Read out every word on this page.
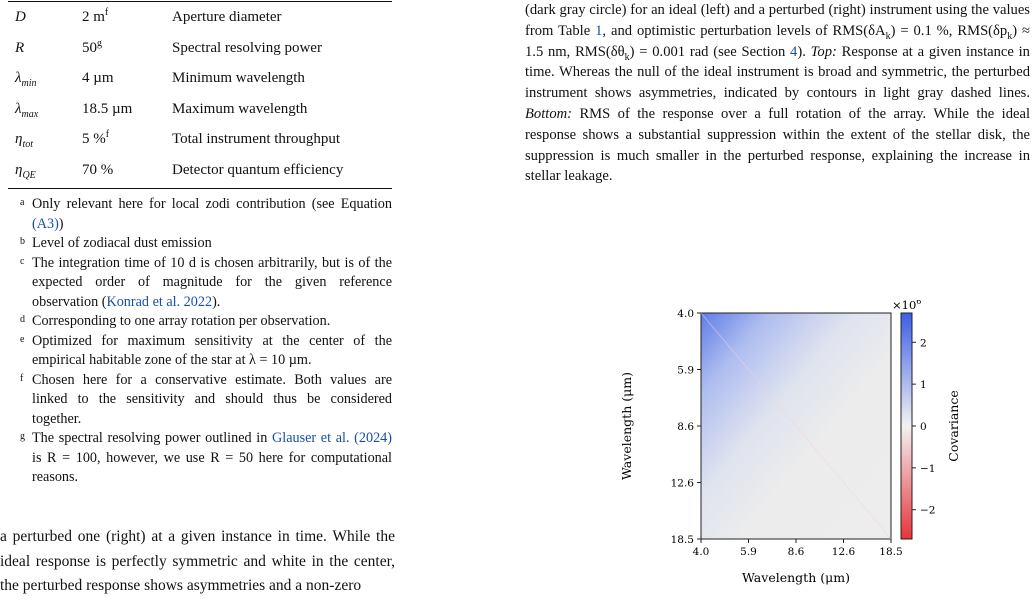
D	2 $m^f$	Aperture diameter
R	50$^g$	Spectral resolving power
$\lambda_{min}$	4 µm	Minimum wavelength
$\lambda_{max}$	18.5 µm	Maximum wavelength
$\eta_{tot}$	5 %$^f$	Total instrument throughput
$\eta_{QE}$	70 %	Detector quantum efficiency
a Only relevant here for local zodi contribution (see Equation (A3))
b Level of zodiacal dust emission
c The integration time of 10 d is chosen arbitrarily, but is of the expected order of magnitude for the given reference observation (Konrad et al. 2022).
d Corresponding to one array rotation per observation.
e Optimized for maximum sensitivity at the center of the empirical habitable zone of the star at λ = 10 µm.
f Chosen here for a conservative estimate. Both values are linked to the sensitivity and should thus be considered together.
g The spectral resolving power outlined in Glauser et al. (2024) is R = 100, however, we use R = 50 here for computational reasons.
a perturbed one (right) at a given instance in time. While the ideal response is perfectly symmetric and white in the center, the perturbed response shows asymmetries and a non-zero
(dark gray circle) for an ideal (left) and a perturbed (right) instrument using the values from Table 1, and optimistic perturbation levels of $RMS(\delta A_k) = 0.1$ %, $RMS(\delta p_k) \approx 1.5$ nm, $RMS(\delta\theta_k) = 0.001$ rad (see Section 4). Top: Response at a given instance in time. Whereas the null of the ideal instrument is broad and symmetric, the perturbed instrument shows asymmetries, indicated by contours in light gray dashed lines. Bottom: RMS of the response over a full rotation of the array. While the ideal response shows a substantial suppression within the extent of the stellar disk, the suppression is much smaller in the perturbed response, explaining the increase in stellar leakage.
4.0	5.9	8.6	12.6 18.5
4.0
5.9
8.6
12.6
18.5
Wavelength (μm)
Wavelength (μm)
2
1
0
−1
−2
$\times 10^6$
Covariance
